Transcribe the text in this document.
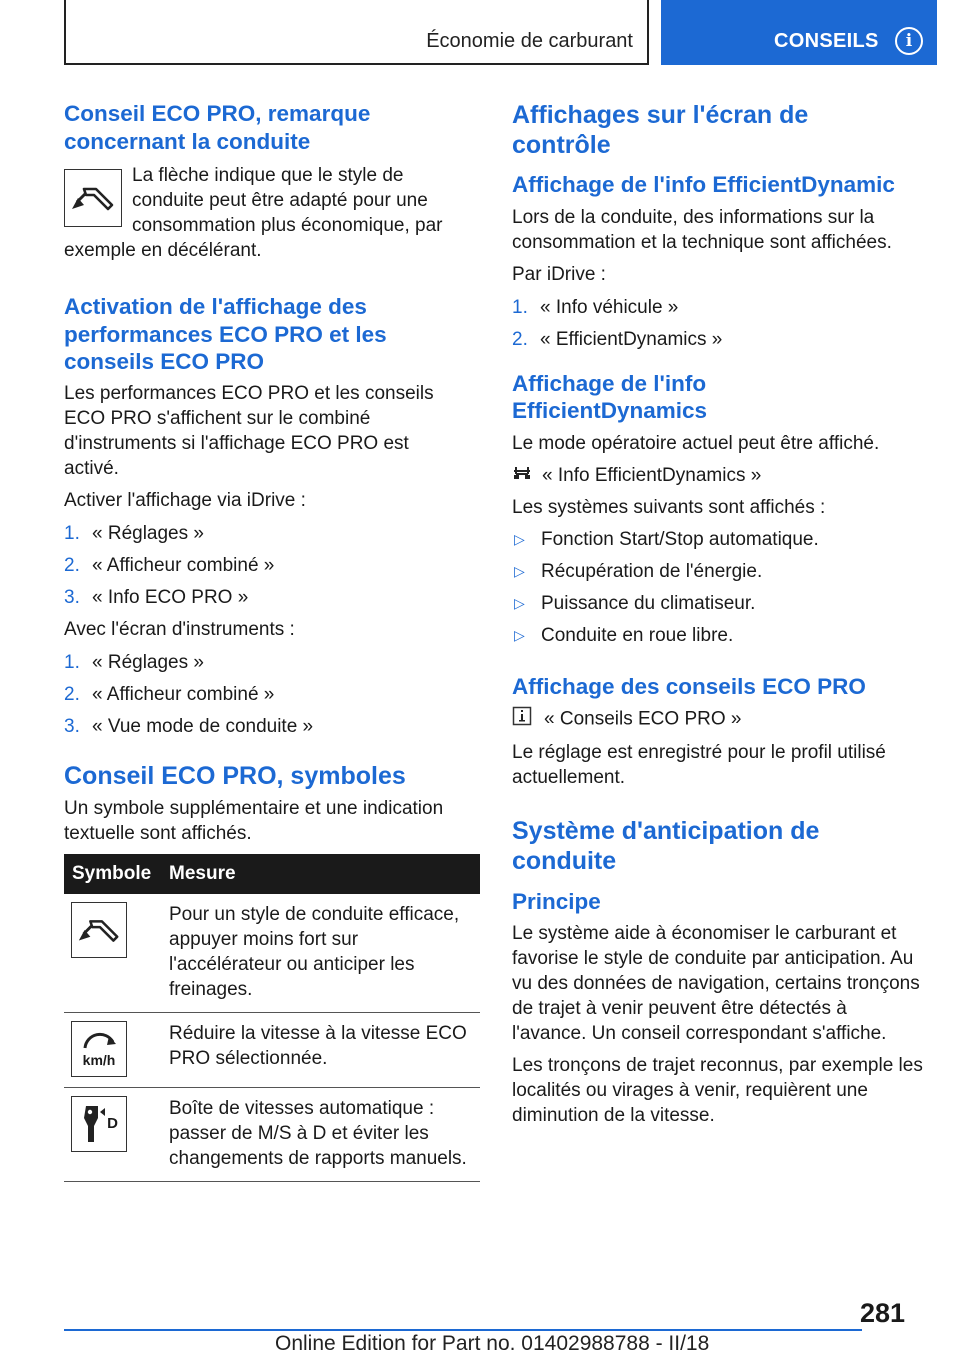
Économie de carburant	CONSEILS	i
Conseil ECO PRO, remarque concernant la conduite
La flèche indique que le style de conduite peut être adapté pour une consommation plus économique, par exemple en décélérant.
Activation de l'affichage des performances ECO PRO et les conseils ECO PRO
Les performances ECO PRO et les conseils ECO PRO s'affichent sur le combiné d'instruments si l'affichage ECO PRO est activé.
Activer l'affichage via iDrive :
1. « Réglages »
2. « Afficheur combiné »
3. « Info ECO PRO »
Avec l'écran d'instruments :
1. « Réglages »
2. « Afficheur combiné »
3. « Vue mode de conduite »
Conseil ECO PRO, symboles
Un symbole supplémentaire et une indication textuelle sont affichés.
Symbole	Mesure

	Pour un style de conduite efficace, appuyer moins fort sur l'accélérateur ou anticiper les freinages.

km/h	Réduire la vitesse à la vitesse ECO PRO sélectionnée.

D	Boîte de vitesses automatique : passer de M/S à D et éviter les changements de rapports manuels.
Affichages sur l'écran de contrôle
Affichage de l'info EfficientDynamic
Lors de la conduite, des informations sur la consommation et la technique sont affichées.
Par iDrive :
1. « Info véhicule »
2. « EfficientDynamics »
Affichage de l'info EfficientDynamics
Le mode opératoire actuel peut être affiché.
« Info EfficientDynamics »
Les systèmes suivants sont affichés :
▷ Fonction Start/Stop automatique.
▷ Récupération de l'énergie.
▷ Puissance du climatiseur.
▷ Conduite en roue libre.
Affichage des conseils ECO PRO
« Conseils ECO PRO »
Le réglage est enregistré pour le profil utilisé actuellement.
Système d'anticipation de conduite
Principe
Le système aide à économiser le carburant et favorise le style de conduite par anticipation. Au vu des données de navigation, certains tronçons de trajet à venir peuvent être détectés à l'avance. Un conseil correspondant s'affiche.
Les tronçons de trajet reconnus, par exemple les localités ou virages à venir, requièrent une diminution de la vitesse.
281
Online Edition for Part no. 01402988788 - II/18
